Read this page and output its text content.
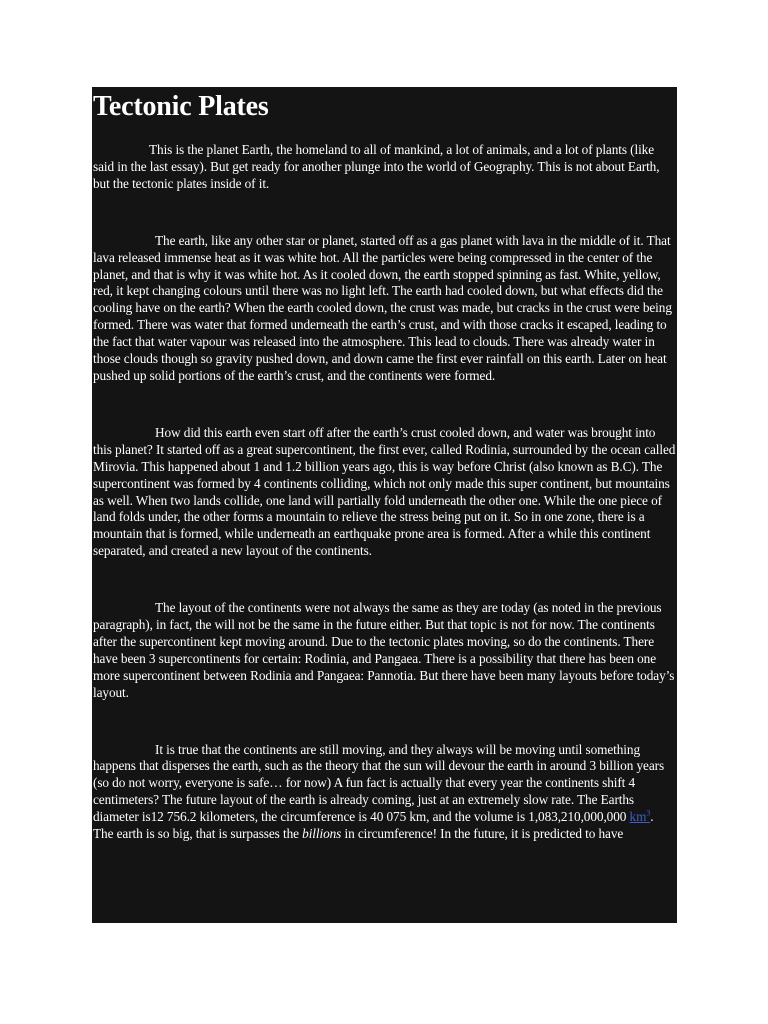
Tectonic Plates

This is the planet Earth, the homeland to all of mankind, a lot of animals, and a lot of plants (like said in the last essay). But get ready for another plunge into the world of Geography. This is not about Earth, but the tectonic plates inside of it.

The earth, like any other star or planet, started off as a gas planet with lava in the middle of it. That lava released immense heat as it was white hot. All the particles were being compressed in the center of the planet, and that is why it was white hot. As it cooled down, the earth stopped spinning as fast. White, yellow, red, it kept changing colours until there was no light left. The earth had cooled down, but what effects did the cooling have on the earth? When the earth cooled down, the crust was made, but cracks in the crust were being formed. There was water that formed underneath the earth’s crust, and with those cracks it escaped, leading to the fact that water vapour was released into the atmosphere. This lead to clouds. There was already water in those clouds though so gravity pushed down, and down came the first ever rainfall on this earth. Later on heat pushed up solid portions of the earth’s crust, and the continents were formed.

How did this earth even start off after the earth’s crust cooled down, and water was brought into this planet? It started off as a great supercontinent, the first ever, called Rodinia, surrounded by the ocean called Mirovia. This happened about 1 and 1.2 billion years ago, this is way before Christ (also known as B.C). The supercontinent was formed by 4 continents colliding, which not only made this super continent, but mountains as well. When two lands collide, one land will partially fold underneath the other one. While the one piece of land folds under, the other forms a mountain to relieve the stress being put on it. So in one zone, there is a mountain that is formed, while underneath an earthquake prone area is formed. After a while this continent separated, and created a new layout of the continents.

The layout of the continents were not always the same as they are today (as noted in the previous paragraph), in fact, the will not be the same in the future either. But that topic is not for now. The continents after the supercontinent kept moving around. Due to the tectonic plates moving, so do the continents. There have been 3 supercontinents for certain: Rodinia, and Pangaea. There is a possibility that there has been one more supercontinent between Rodinia and Pangaea: Pannotia. But there have been many layouts before today’s layout.

It is true that the continents are still moving, and they always will be moving until something happens that disperses the earth, such as the theory that the sun will devour the earth in around 3 billion years (so do not worry, everyone is safe… for now) A fun fact is actually that every year the continents shift 4 centimeters? The future layout of the earth is already coming, just at an extremely slow rate. The Earths diameter is12 756.2 kilometers, the circumference is 40 075 km, and the volume is 1,083,210,000,000 km$^3$. The earth is so big, that is surpasses the billions in circumference! In the future, it is predicted to have
